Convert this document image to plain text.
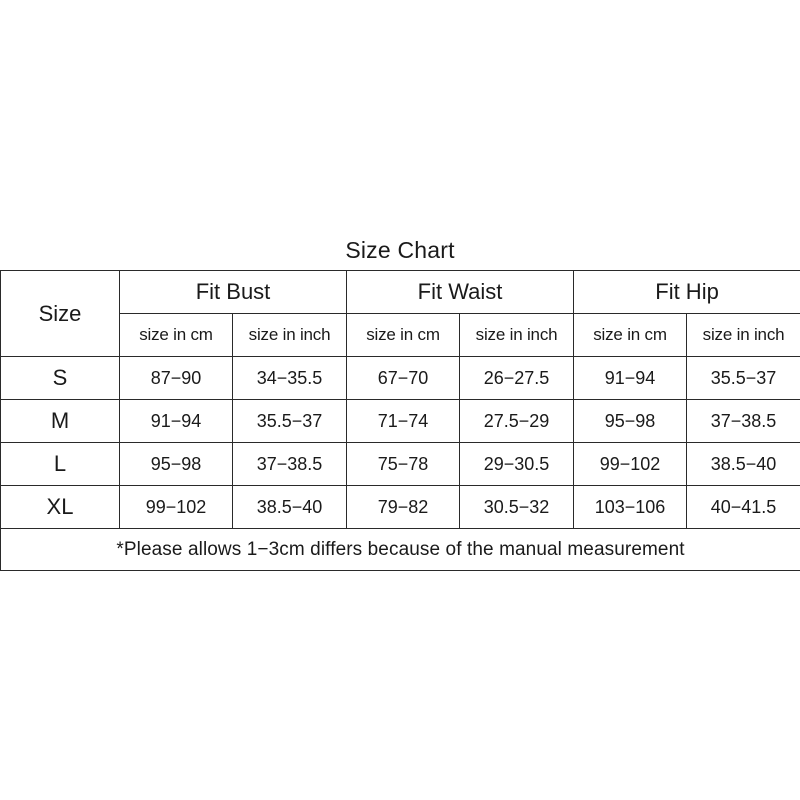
Size Chart
Size	Fit Bust		Fit Waist		Fit Hip	
	size in cm	size in inch	size in cm	size in inch	size in cm	size in inch
S	87−90	34−35.5	67−70	26−27.5	91−94	35.5−37
M	91−94	35.5−37	71−74	27.5−29	95−98	37−38.5
L	95−98	37−38.5	75−78	29−30.5	99−102	38.5−40
XL	99−102	38.5−40	79−82	30.5−32	103−106	40−41.5
*Please allows 1−3cm differs because of the manual measurement						
